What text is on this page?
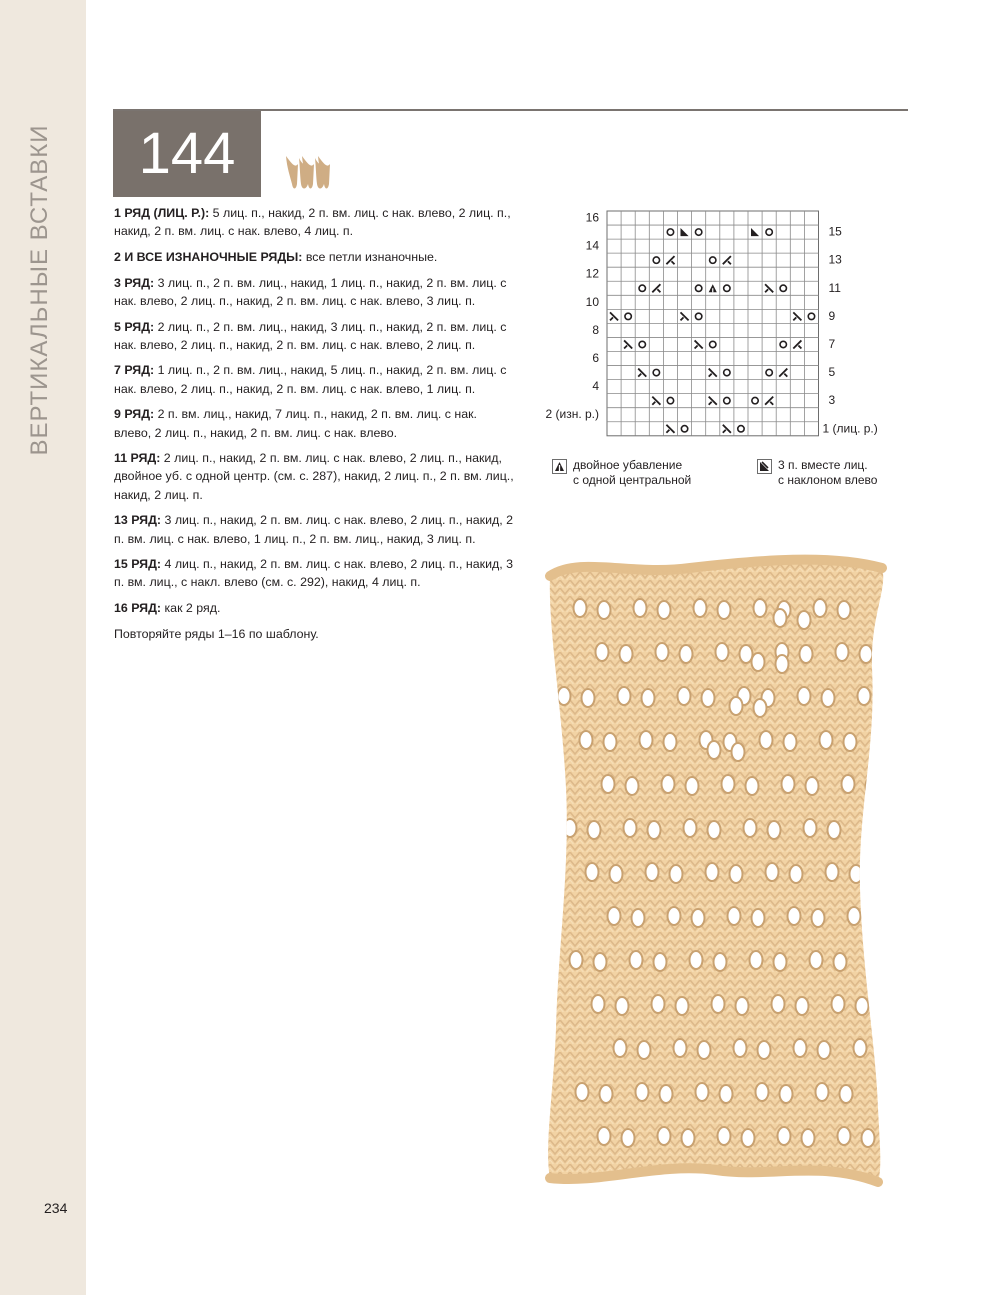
ВЕРТИКАЛЬНЫЕ ВСТАВКИ
234
144

1 РЯД (ЛИЦ. Р.): 5 лиц. п., накид, 2 п. вм. лиц. с нак. влево, 2 лиц. п., накид, 2 п. вм. лиц. с нак. влево, 4 лиц. п.

2 И ВСЕ ИЗНАНОЧНЫЕ РЯДЫ: все петли изнаночные.

3 РЯД: 3 лиц. п., 2 п. вм. лиц., накид, 1 лиц. п., накид, 2 п. вм. лиц. с нак. влево, 2 лиц. п., накид, 2 п. вм. лиц. с нак. влево, 3 лиц. п.

5 РЯД: 2 лиц. п., 2 п. вм. лиц., накид, 3 лиц. п., накид, 2 п. вм. лиц. с нак. влево, 2 лиц. п., накид, 2 п. вм. лиц. с нак. влево, 2 лиц. п.

7 РЯД: 1 лиц. п., 2 п. вм. лиц., накид, 5 лиц. п., накид, 2 п. вм. лиц. с нак. влево, 2 лиц. п., накид, 2 п. вм. лиц. с нак. влево, 1 лиц. п.

9 РЯД: 2 п. вм. лиц., накид, 7 лиц. п., накид, 2 п. вм. лиц. с нак. влево, 2 лиц. п., накид, 2 п. вм. лиц. с нак. влево.

11 РЯД: 2 лиц. п., накид, 2 п. вм. лиц. с нак. влево, 2 лиц. п., накид, двойное уб. с одной центр. (см. с. 287), накид, 2 лиц. п., 2 п. вм. лиц., накид, 2 лиц. п.

13 РЯД: 3 лиц. п., накид, 2 п. вм. лиц. с нак. влево, 2 лиц. п., накид, 2 п. вм. лиц. с нак. влево, 1 лиц. п., 2 п. вм. лиц., накид, 3 лиц. п.

15 РЯД: 4 лиц. п., накид, 2 п. вм. лиц. с нак. влево, 2 лиц. п., накид, 3 п. вм. лиц., с накл. влево (см. с. 292), накид, 4 лиц. п.

16 РЯД: как 2 ряд.

Повторяйте ряды 1–16 по шаблону.

16
14
12
10
8
6
4
2 (изн. р.)
15
13
11
9
7
5
3
1 (лиц. р.)
двойное убавление
с одной центральной
3 п. вместе лиц.
с наклоном влево
